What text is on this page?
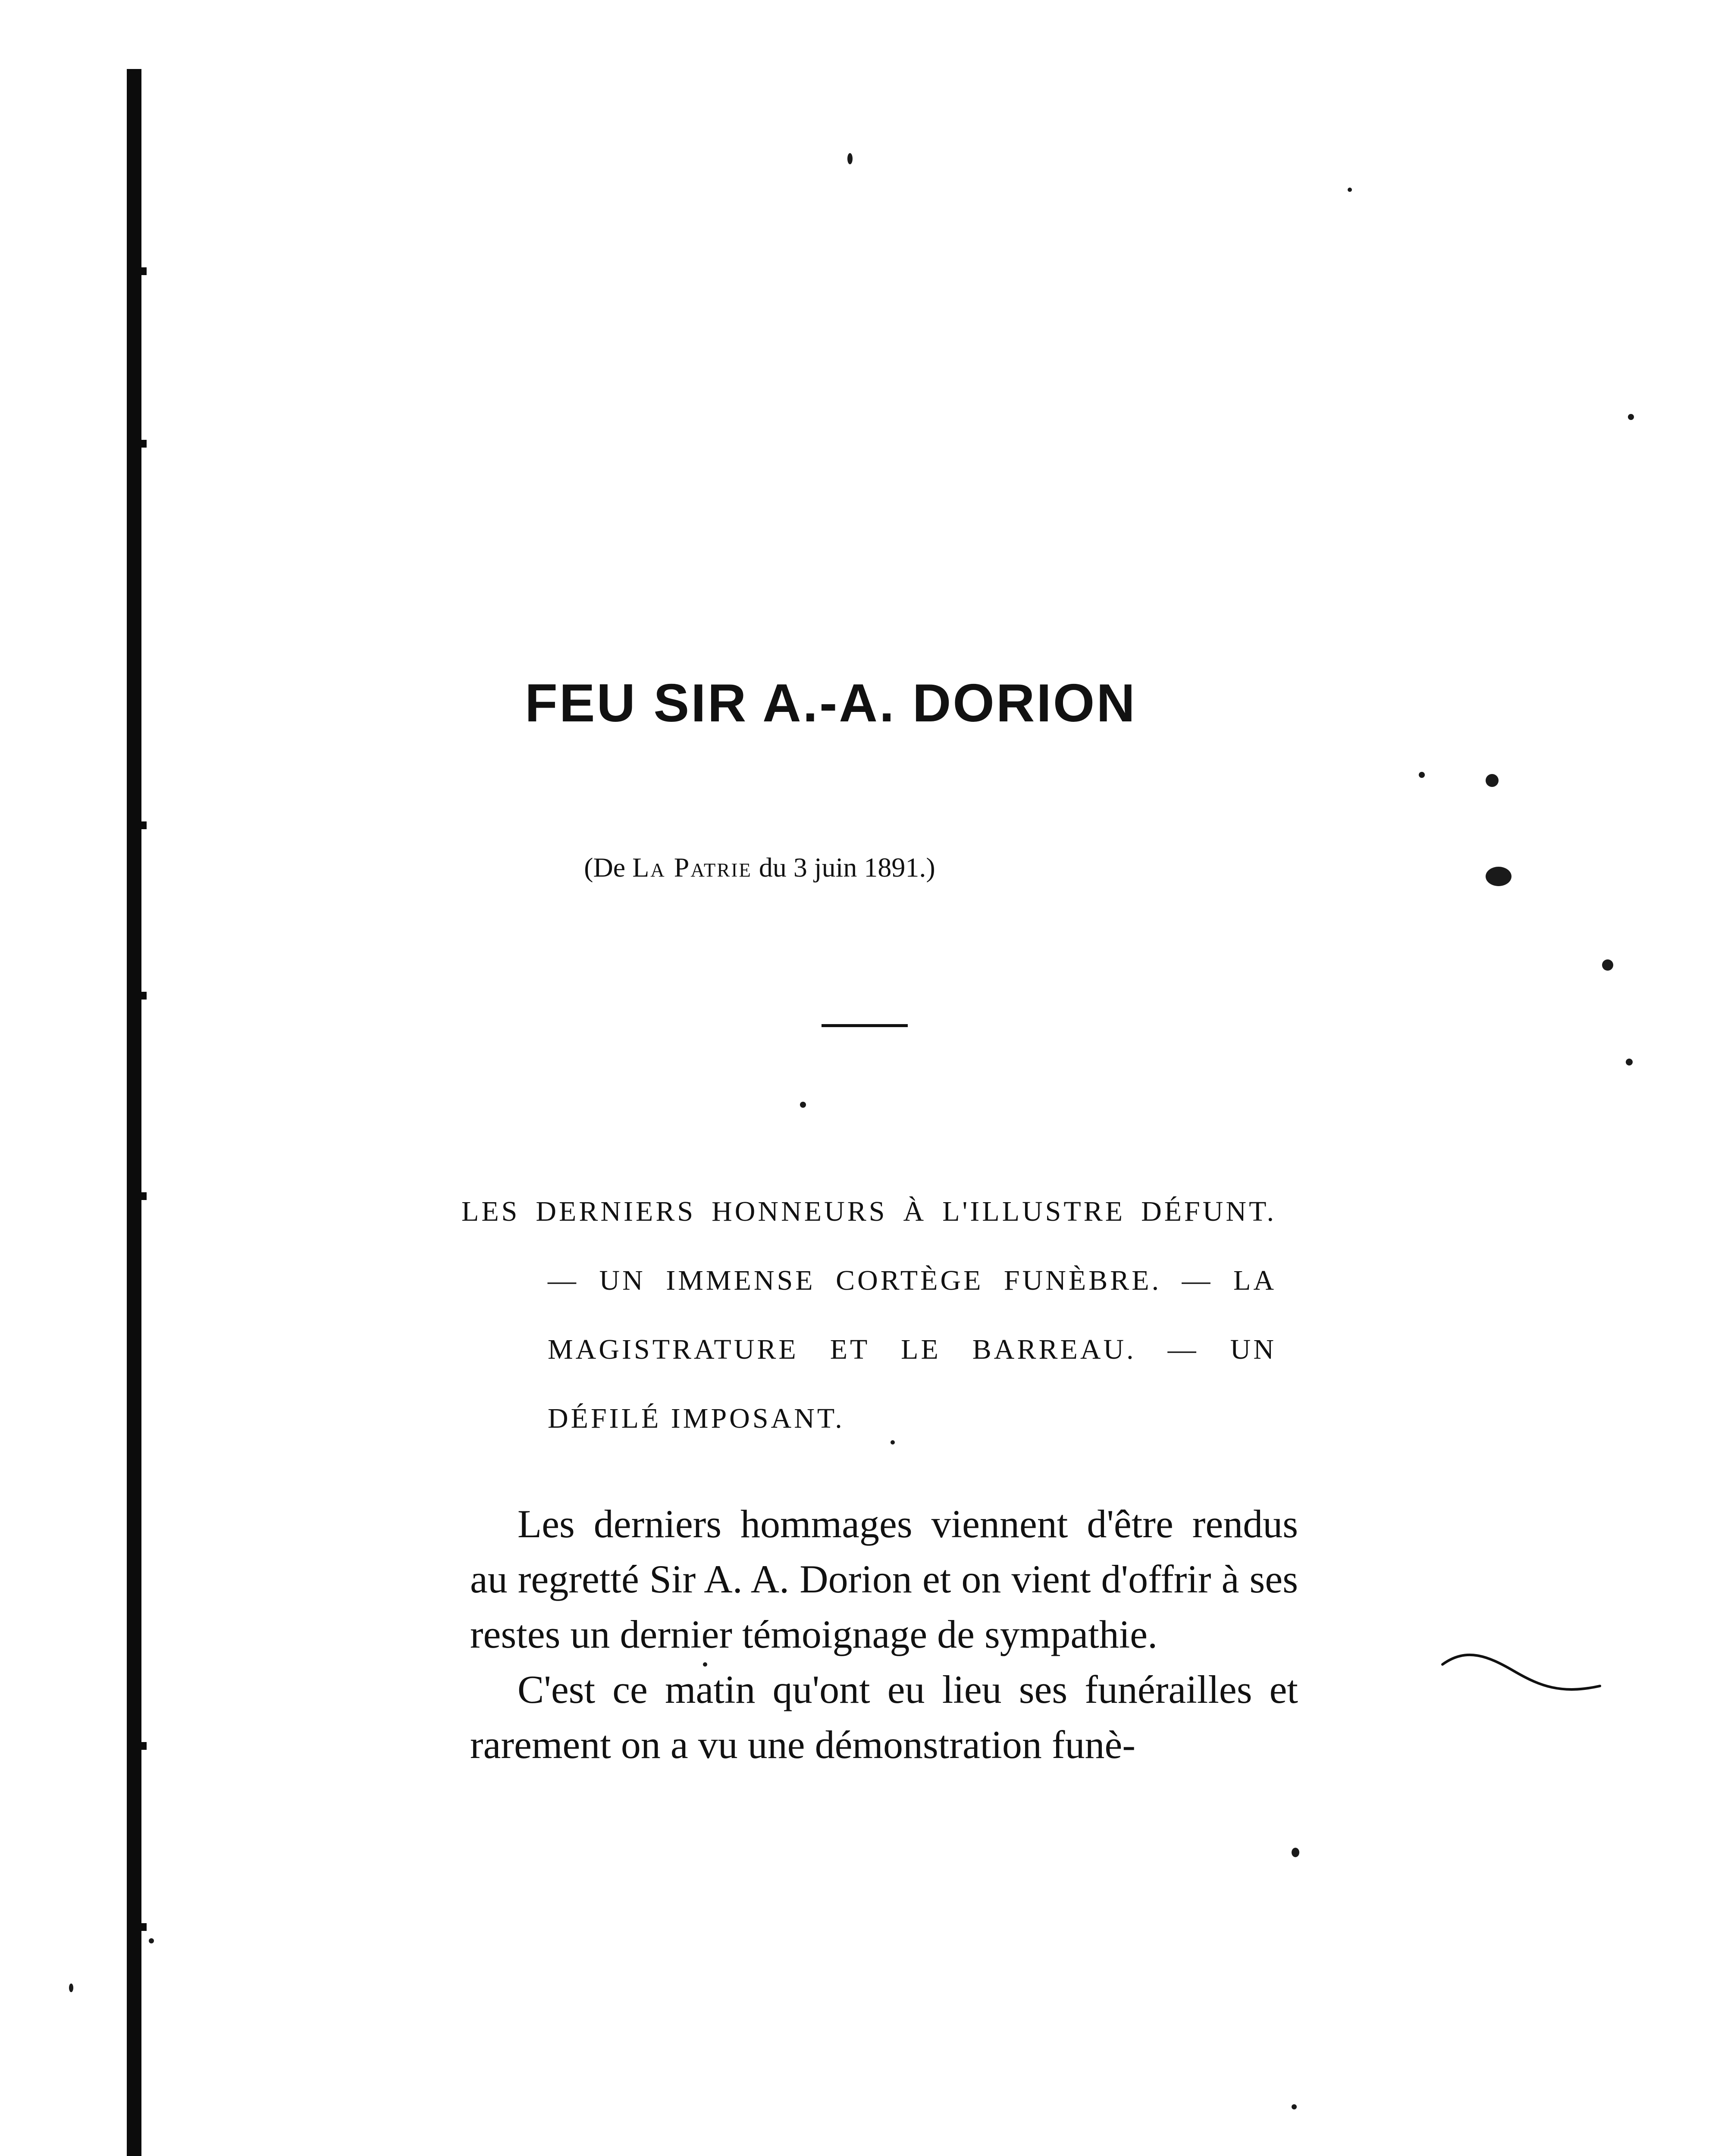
FEU SIR A.-A. DORION
(De La Patrie du 3 juin 1891.)
LES DERNIERS HONNEURS À L'ILLUSTRE DÉFUNT.
— UN IMMENSE CORTÈGE FUNÈBRE. — LA
MAGISTRATURE ET LE BARREAU. — UN
DÉFILÉ IMPOSANT.

Les derniers hommages viennent d'être rendus au regretté Sir A. A. Dorion et on vient d'offrir à ses restes un dernier témoignage de sympathie.

C'est ce matin qu'ont eu lieu ses funérailles et rarement on a vu une démonstration funè-
